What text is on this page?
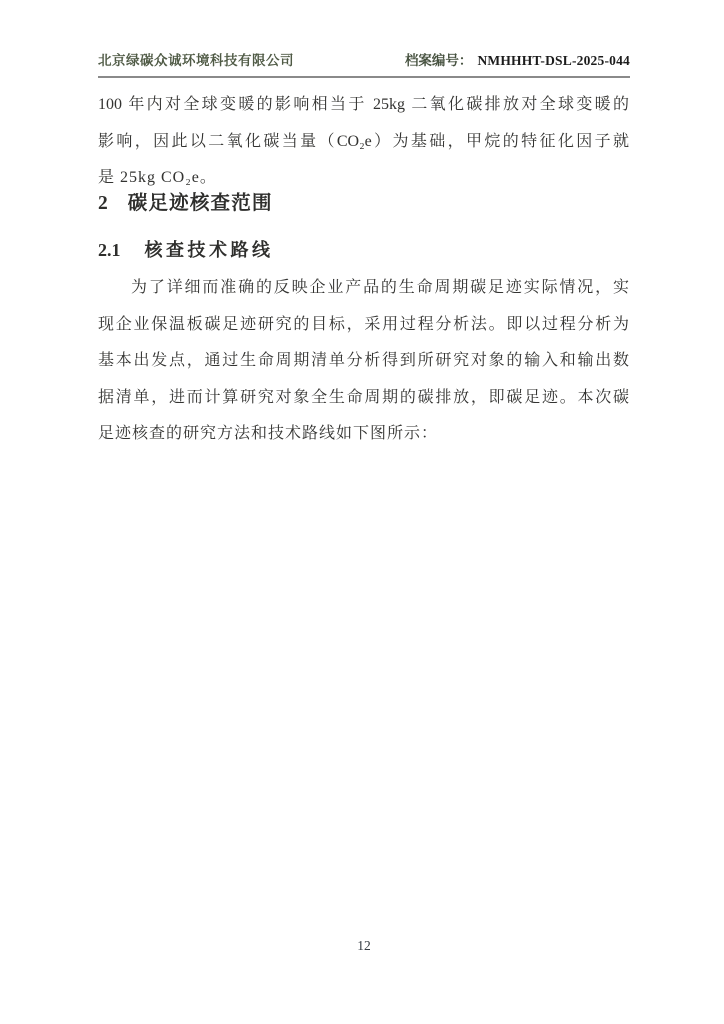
北京绿碳众诚环境科技有限公司	档案编号： NMHHHT-DSL-2025-044
100 年内对全球变暖的影响相当于 25kg 二氧化碳排放对全球变暖的
影响，因此以二氧化碳当量（CO₂e）为基础，甲烷的特征化因子就
是 25kg CO₂e。
2 碳足迹核查范围
2.1 核查技术路线
为了详细而准确的反映企业产品的生命周期碳足迹实际情况，实
现企业保温板碳足迹研究的目标，采用过程分析法。即以过程分析为
基本出发点，通过生命周期清单分析得到所研究对象的输入和输出数
据清单，进而计算研究对象全生命周期的碳排放，即碳足迹。本次碳
足迹核查的研究方法和技术路线如下图所示：
12
